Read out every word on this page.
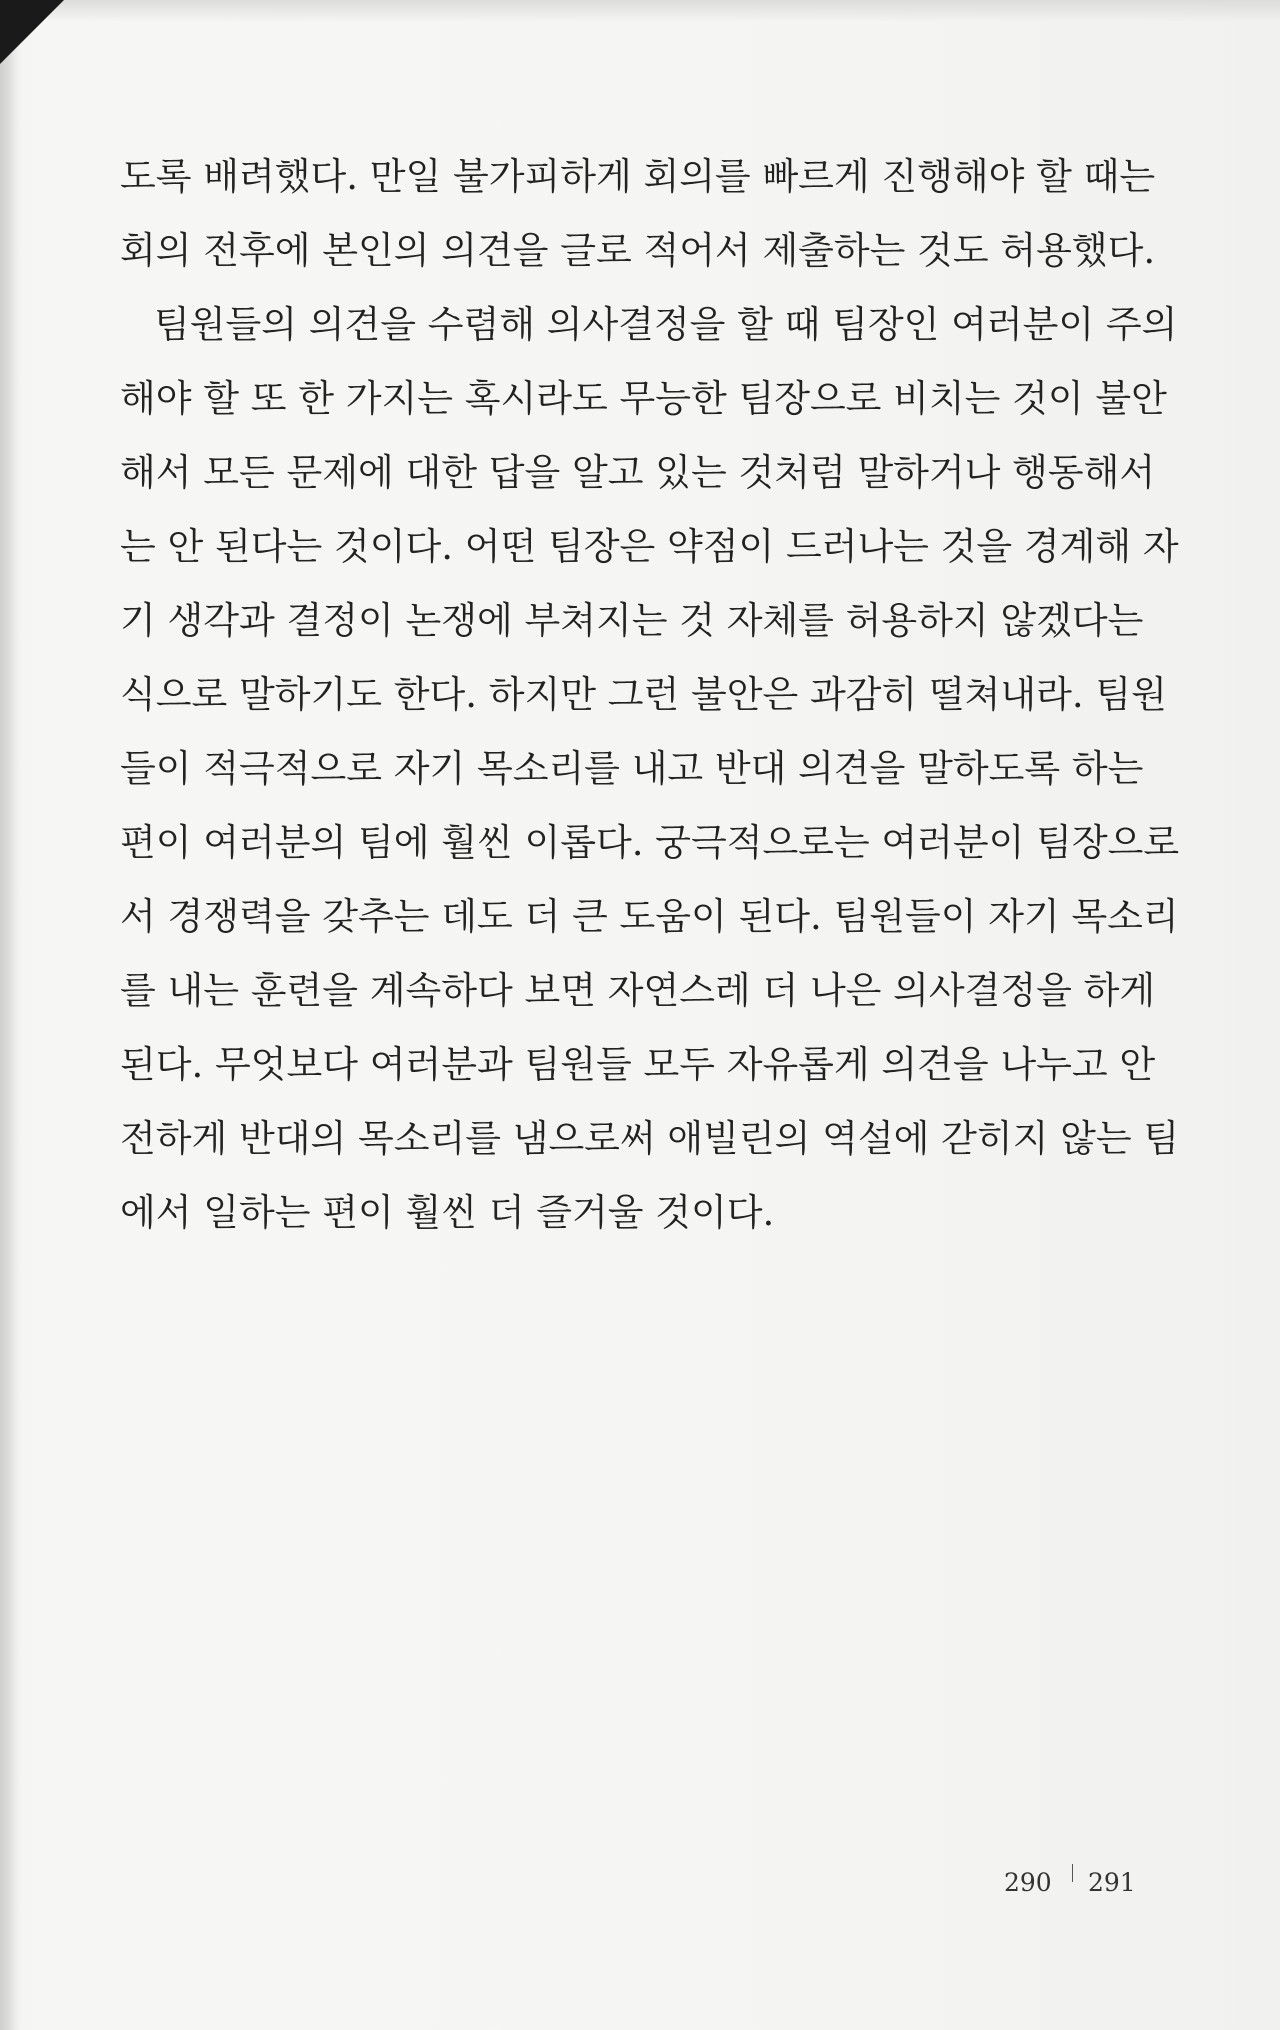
도록 배려했다. 만일 불가피하게 회의를 빠르게 진행해야 할 때는
회의 전후에 본인의 의견을 글로 적어서 제출하는 것도 허용했다.
팀원들의 의견을 수렴해 의사결정을 할 때 팀장인 여러분이 주의
해야 할 또 한 가지는 혹시라도 무능한 팀장으로 비치는 것이 불안
해서 모든 문제에 대한 답을 알고 있는 것처럼 말하거나 행동해서
는 안 된다는 것이다. 어떤 팀장은 약점이 드러나는 것을 경계해 자
기 생각과 결정이 논쟁에 부쳐지는 것 자체를 허용하지 않겠다는
식으로 말하기도 한다. 하지만 그런 불안은 과감히 떨쳐내라. 팀원
들이 적극적으로 자기 목소리를 내고 반대 의견을 말하도록 하는
편이 여러분의 팀에 훨씬 이롭다. 궁극적으로는 여러분이 팀장으로
서 경쟁력을 갖추는 데도 더 큰 도움이 된다. 팀원들이 자기 목소리
를 내는 훈련을 계속하다 보면 자연스레 더 나은 의사결정을 하게
된다. 무엇보다 여러분과 팀원들 모두 자유롭게 의견을 나누고 안
전하게 반대의 목소리를 냄으로써 애빌린의 역설에 갇히지 않는 팀
에서 일하는 편이 훨씬 더 즐거울 것이다.
290 291
